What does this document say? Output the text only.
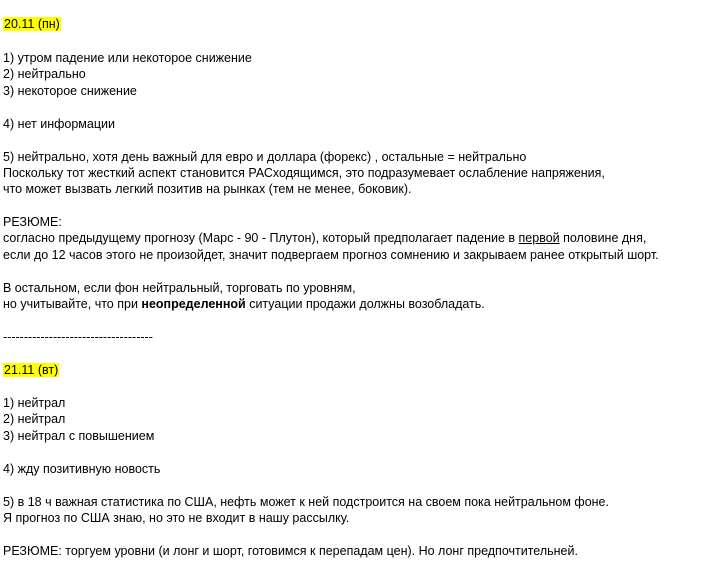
20.11 (пн)
1) утром падение или некоторое снижение
2) нейтрально
3) некоторое снижение
4) нет информации
5) нейтрально, хотя день важный для евро и доллара (форекс) , остальные = нейтрально
Поскольку тот жесткий аспект становится РАСходящимся, это подразумевает ослабление напряжения,
что может вызвать легкий позитив на рынках (тем не менее, боковик).
РЕЗЮМЕ:
согласно предыдущему прогнозу (Марс - 90 - Плутон), который предполагает падение в первой половине дня,
если до 12 часов этого не произойдет, значит подвергаем прогноз сомнению и закрываем ранее открытый шорт.
В остальном, если фон нейтральный, торговать по уровням,
но учитывайте, что при неопределенной ситуации продажи должны возобладать.
------------------------------------
21.11 (вт)
1) нейтрал
2) нейтрал
3) нейтрал с повышением
4) жду позитивную новость
5) в 18 ч важная статистика по США, нефть может к ней подстроится на своем пока нейтральном фоне.
Я прогноз по США знаю, но это не входит в нашу рассылку.
РЕЗЮМЕ: торгуем уровни (и лонг и шорт, готовимся к перепадам цен). Но лонг предпочтительней.
